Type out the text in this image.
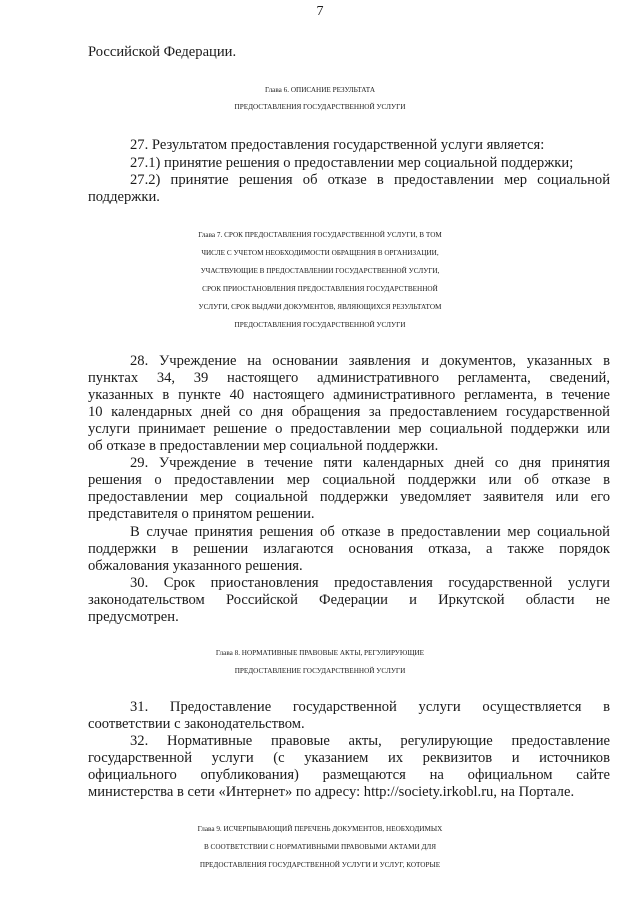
7
Российской Федерации.
Глава 6. ОПИСАНИЕ РЕЗУЛЬТАТА
ПРЕДОСТАВЛЕНИЯ ГОСУДАРСТВЕННОЙ УСЛУГИ
27. Результатом предоставления государственной услуги является:
27.1) принятие решения о предоставлении мер социальной поддержки;
27.2) принятие решения об отказе в предоставлении мер социальной
поддержки.
Глава 7. СРОК ПРЕДОСТАВЛЕНИЯ ГОСУДАРСТВЕННОЙ УСЛУГИ, В ТОМ
ЧИСЛЕ С УЧЕТОМ НЕОБХОДИМОСТИ ОБРАЩЕНИЯ В ОРГАНИЗАЦИИ,
УЧАСТВУЮЩИЕ В ПРЕДОСТАВЛЕНИИ ГОСУДАРСТВЕННОЙ УСЛУГИ,
СРОК ПРИОСТАНОВЛЕНИЯ ПРЕДОСТАВЛЕНИЯ ГОСУДАРСТВЕННОЙ
УСЛУГИ, СРОК ВЫДАЧИ ДОКУМЕНТОВ, ЯВЛЯЮЩИХСЯ РЕЗУЛЬТАТОМ
ПРЕДОСТАВЛЕНИЯ ГОСУДАРСТВЕННОЙ УСЛУГИ
28. Учреждение на основании заявления и документов, указанных в
пунктах 34, 39 настоящего административного регламента, сведений,
указанных в пункте 40 настоящего административного регламента, в течение
10 календарных дней со дня обращения за предоставлением государственной
услуги принимает решение о предоставлении мер социальной поддержки или
об отказе в предоставлении мер социальной поддержки.
29. Учреждение в течение пяти календарных дней со дня принятия
решения о предоставлении мер социальной поддержки или об отказе в
предоставлении мер социальной поддержки уведомляет заявителя или его
представителя о принятом решении.
В случае принятия решения об отказе в предоставлении мер социальной
поддержки в решении излагаются основания отказа, а также порядок
обжалования указанного решения.
30. Срок приостановления предоставления государственной услуги
законодательством Российской Федерации и Иркутской области не
предусмотрен.
Глава 8. НОРМАТИВНЫЕ ПРАВОВЫЕ АКТЫ, РЕГУЛИРУЮЩИЕ
ПРЕДОСТАВЛЕНИЕ ГОСУДАРСТВЕННОЙ УСЛУГИ
31. Предоставление государственной услуги осуществляется в
соответствии с законодательством.
32. Нормативные правовые акты, регулирующие предоставление
государственной услуги (с указанием их реквизитов и источников
официального опубликования) размещаются на официальном сайте
министерства в сети «Интернет» по адресу: http://society.irkobl.ru, на Портале.
Глава 9. ИСЧЕРПЫВАЮЩИЙ ПЕРЕЧЕНЬ ДОКУМЕНТОВ, НЕОБХОДИМЫХ
В СООТВЕТСТВИИ С НОРМАТИВНЫМИ ПРАВОВЫМИ АКТАМИ ДЛЯ
ПРЕДОСТАВЛЕНИЯ ГОСУДАРСТВЕННОЙ УСЛУГИ И УСЛУГ, КОТОРЫЕ
